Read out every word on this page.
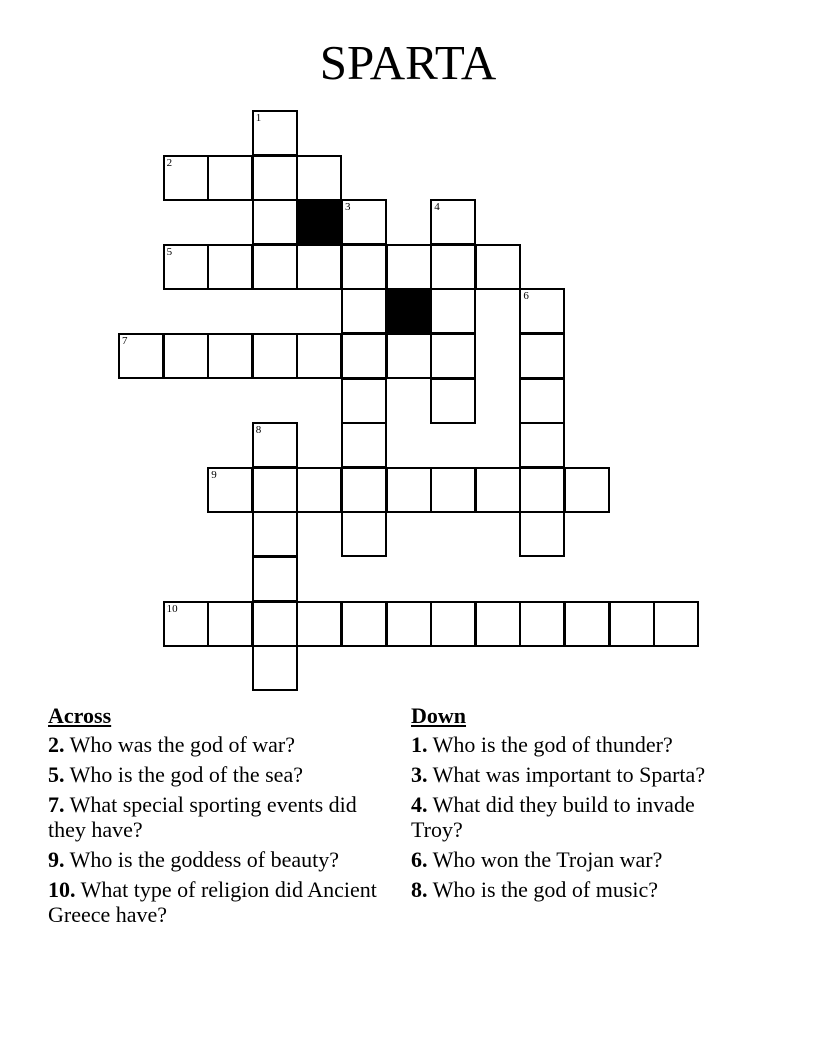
SPARTA
1
2
3	4
5
6
7
8
9
10
Across
2. Who was the god of war?
5. Who is the god of the sea?
7. What special sporting events did they have?
9. Who is the goddess of beauty?
10. What type of religion did Ancient Greece have?
Down
1. Who is the god of thunder?
3. What was important to Sparta?
4. What did they build to invade Troy?
6. Who won the Trojan war?
8. Who is the god of music?
